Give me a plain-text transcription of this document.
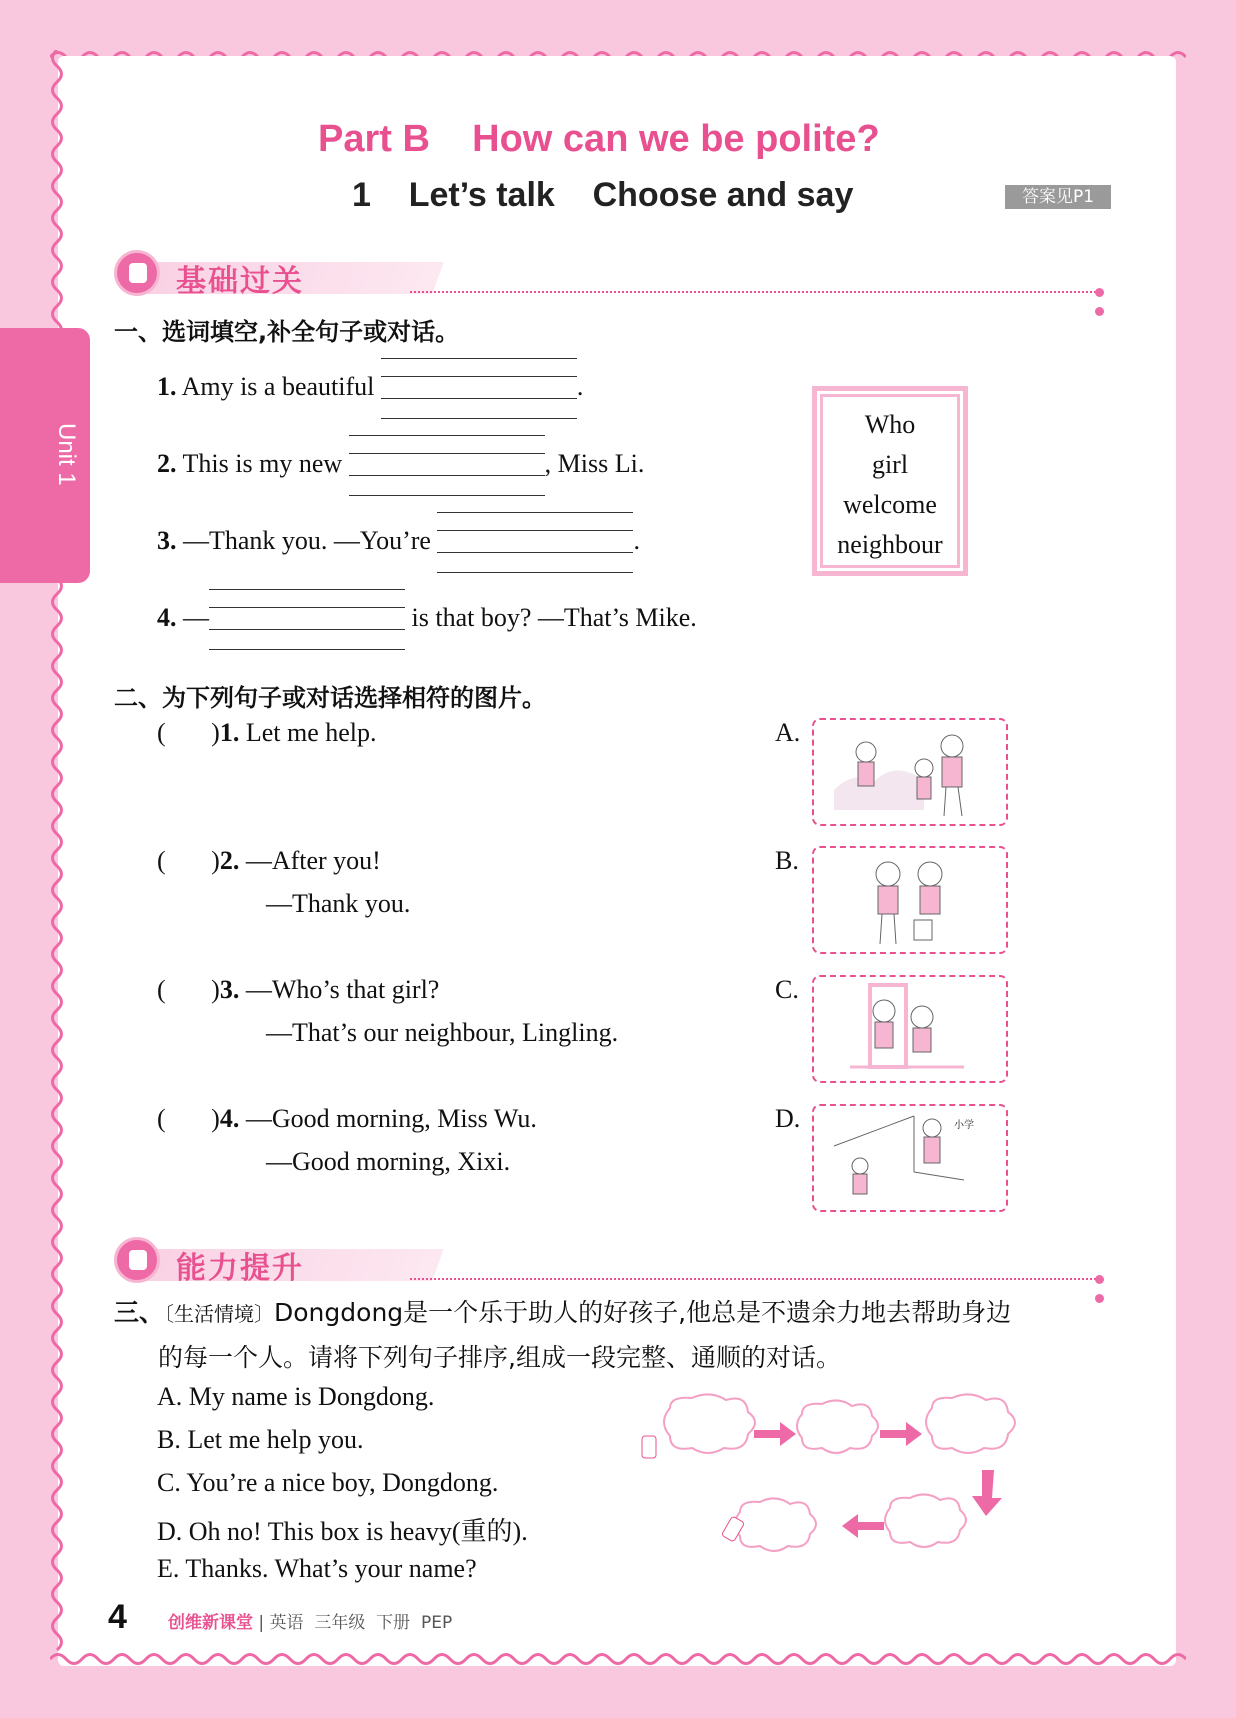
Unit 1
Part B    How can we be polite?
1    Let’s talk    Choose and say	答案见P1
基础过关
一、选词填空,补全句子或对话。
1. Amy is a beautiful	.
2. This is my new	, Miss Li.
3. —Thank you. —You’re	.
4. —	is that boy? —That’s Mike.
Who
girl
welcome
neighbour
二、为下列句子或对话选择相符的图片。
(       )1. Let me help.
(       )2. —After you!
—Thank you.
(       )3. —Who’s that girl?
—That’s our neighbour, Lingling.
(       )4. —Good morning, Miss Wu.
—Good morning, Xixi.
A.
B.
C.
D.	小学
能力提升
三、〔生活情境〕Dongdong是一个乐于助人的好孩子,他总是不遗余力地去帮助身边
的每一个人。请将下列句子排序,组成一段完整、通顺的对话。
A. My name is Dongdong.
B. Let me help you.
C. You’re a nice boy, Dongdong.
D. Oh no! This box is heavy(重的).
E. Thanks. What’s your name?
4 创维新课堂 | 英语  三年级  下册  PEP
